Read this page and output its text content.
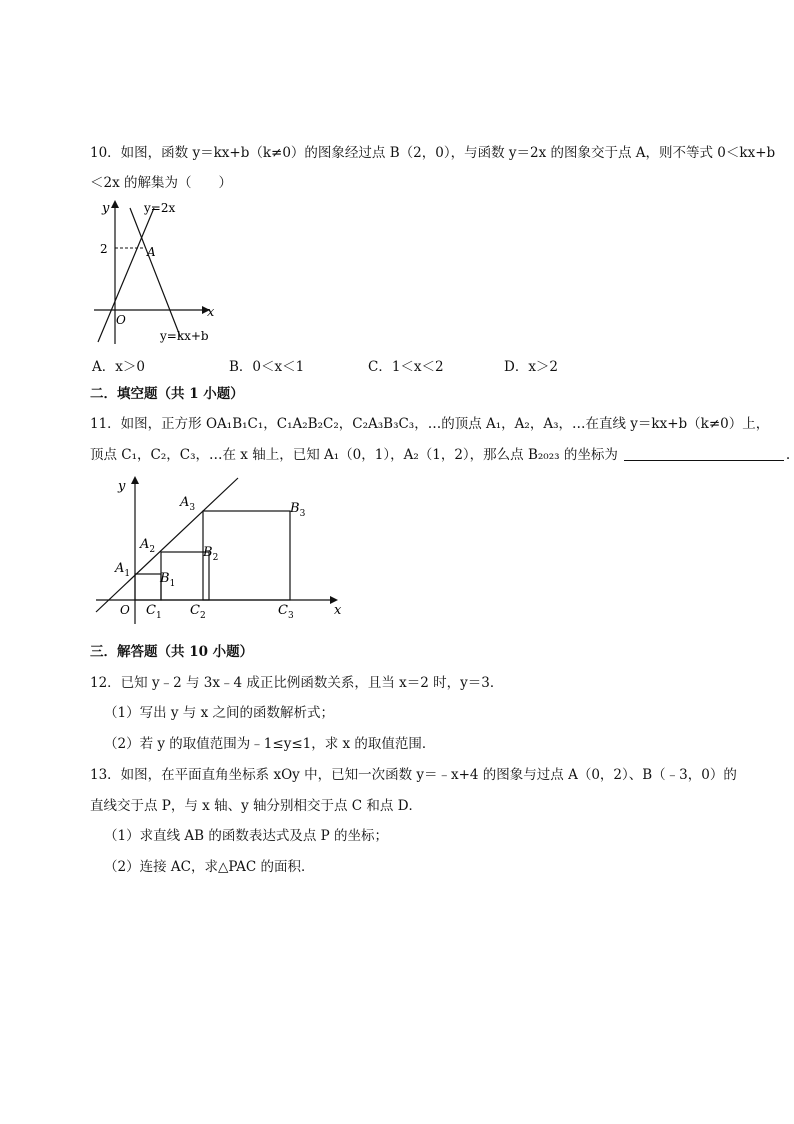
10．如图，函数 y＝kx+b（k≠0）的图象经过点 B（2，0），与函数 y＝2x 的图象交于点 A，则不等式 0＜kx+b
＜2x 的解集为（　　）
y
x
O
y=2x
y=kx+b
A
2
A．x＞0	B．0＜x＜1	C．1＜x＜2	D．x＞2
二．填空题（共 1 小题）
11．如图，正方形 OA₁B₁C₁，C₁A₂B₂C₂，C₂A₃B₃C₃，…的顶点 A₁，A₂，A₃，…在直线 y＝kx+b（k≠0）上，
顶点 C₁，C₂，C₃，…在 x 轴上，已知 A₁（0，1），A₂（1，2），那么点 B₂₀₂₃ 的坐标为	.
y
x
O
$A_1$
$A_2$
$A_3$
$B_1$
$B_2$
$B_3$
$C_1$ $C_2$	$C_3$
三．解答题（共 10 小题）
12．已知 y﹣2 与 3x﹣4 成正比例函数关系，且当 x＝2 时，y＝3．
（1）写出 y 与 x 之间的函数解析式；
（2）若 y 的取值范围为﹣1≤y≤1，求 x 的取值范围．
13．如图，在平面直角坐标系 xOy 中，已知一次函数 y＝﹣x+4 的图象与过点 A（0，2）、B（﹣3，0）的
直线交于点 P，与 x 轴、y 轴分别相交于点 C 和点 D．
（1）求直线 AB 的函数表达式及点 P 的坐标；
（2）连接 AC，求△PAC 的面积．
